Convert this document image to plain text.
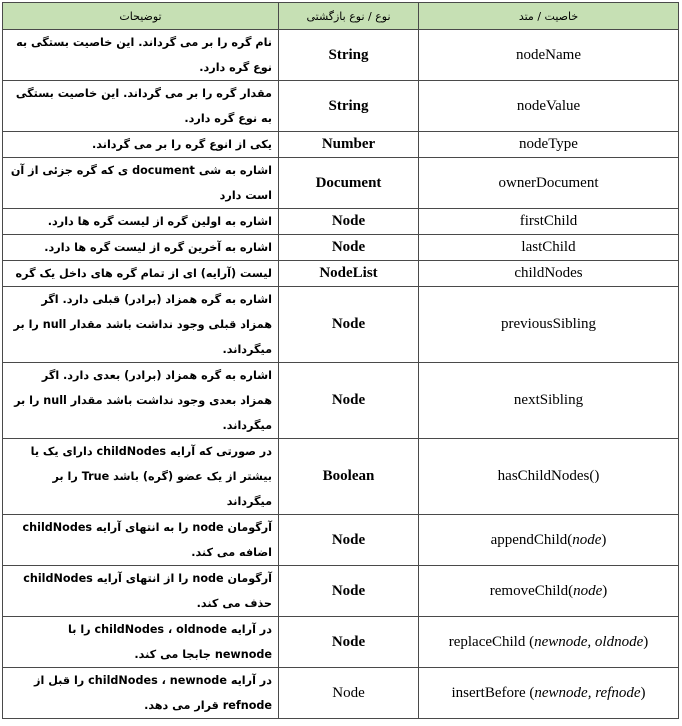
توضیحات	نوع / نوع بازگشتی	خاصیت / متد
نام گره را بر می گرداند. این خاصیت بستگی به نوع گره دارد.	String	nodeName
مقدار گره را بر می گرداند. این خاصیت بستگی به نوع گره دارد.	String	nodeValue
یکی از انوع گره را بر می گرداند.	Number	nodeType
اشاره به شی document ی که گره جزئی از آن است دارد	Document	ownerDocument
اشاره به اولین گره از لیست گره ها دارد.	Node	firstChild
اشاره به آخرین گره از لیست گره ها دارد.	Node	lastChild
لیست (آرایه) ای از تمام گره های داخل یک گره	NodeList	childNodes
اشاره به گره همزاد (برادر) قبلی دارد. اگر همزاد قبلی وجود نداشت باشد مقدار null را بر میگرداند.	Node	previousSibling
اشاره به گره همزاد (برادر) بعدی دارد. اگر همزاد بعدی وجود نداشت باشد مقدار null را بر میگرداند.	Node	nextSibling
در صورتی که آرایه childNodes دارای یک یا بیشتر از یک عضو (گره) باشد True را بر میگرداند	Boolean	hasChildNodes()
آرگومان node را به انتهای آرایه childNodes اضافه می کند.	Node	appendChild(node)
آرگومان node را از انتهای آرایه childNodes حذف می کند.	Node	removeChild(node)
در آرایه childNodes ، oldnode را با newnode جابجا می کند.	Node	replaceChild (newnode, oldnode)
در آرایه childNodes ، newnode را قبل از refnode قرار می دهد.	Node	insertBefore (newnode, refnode)
